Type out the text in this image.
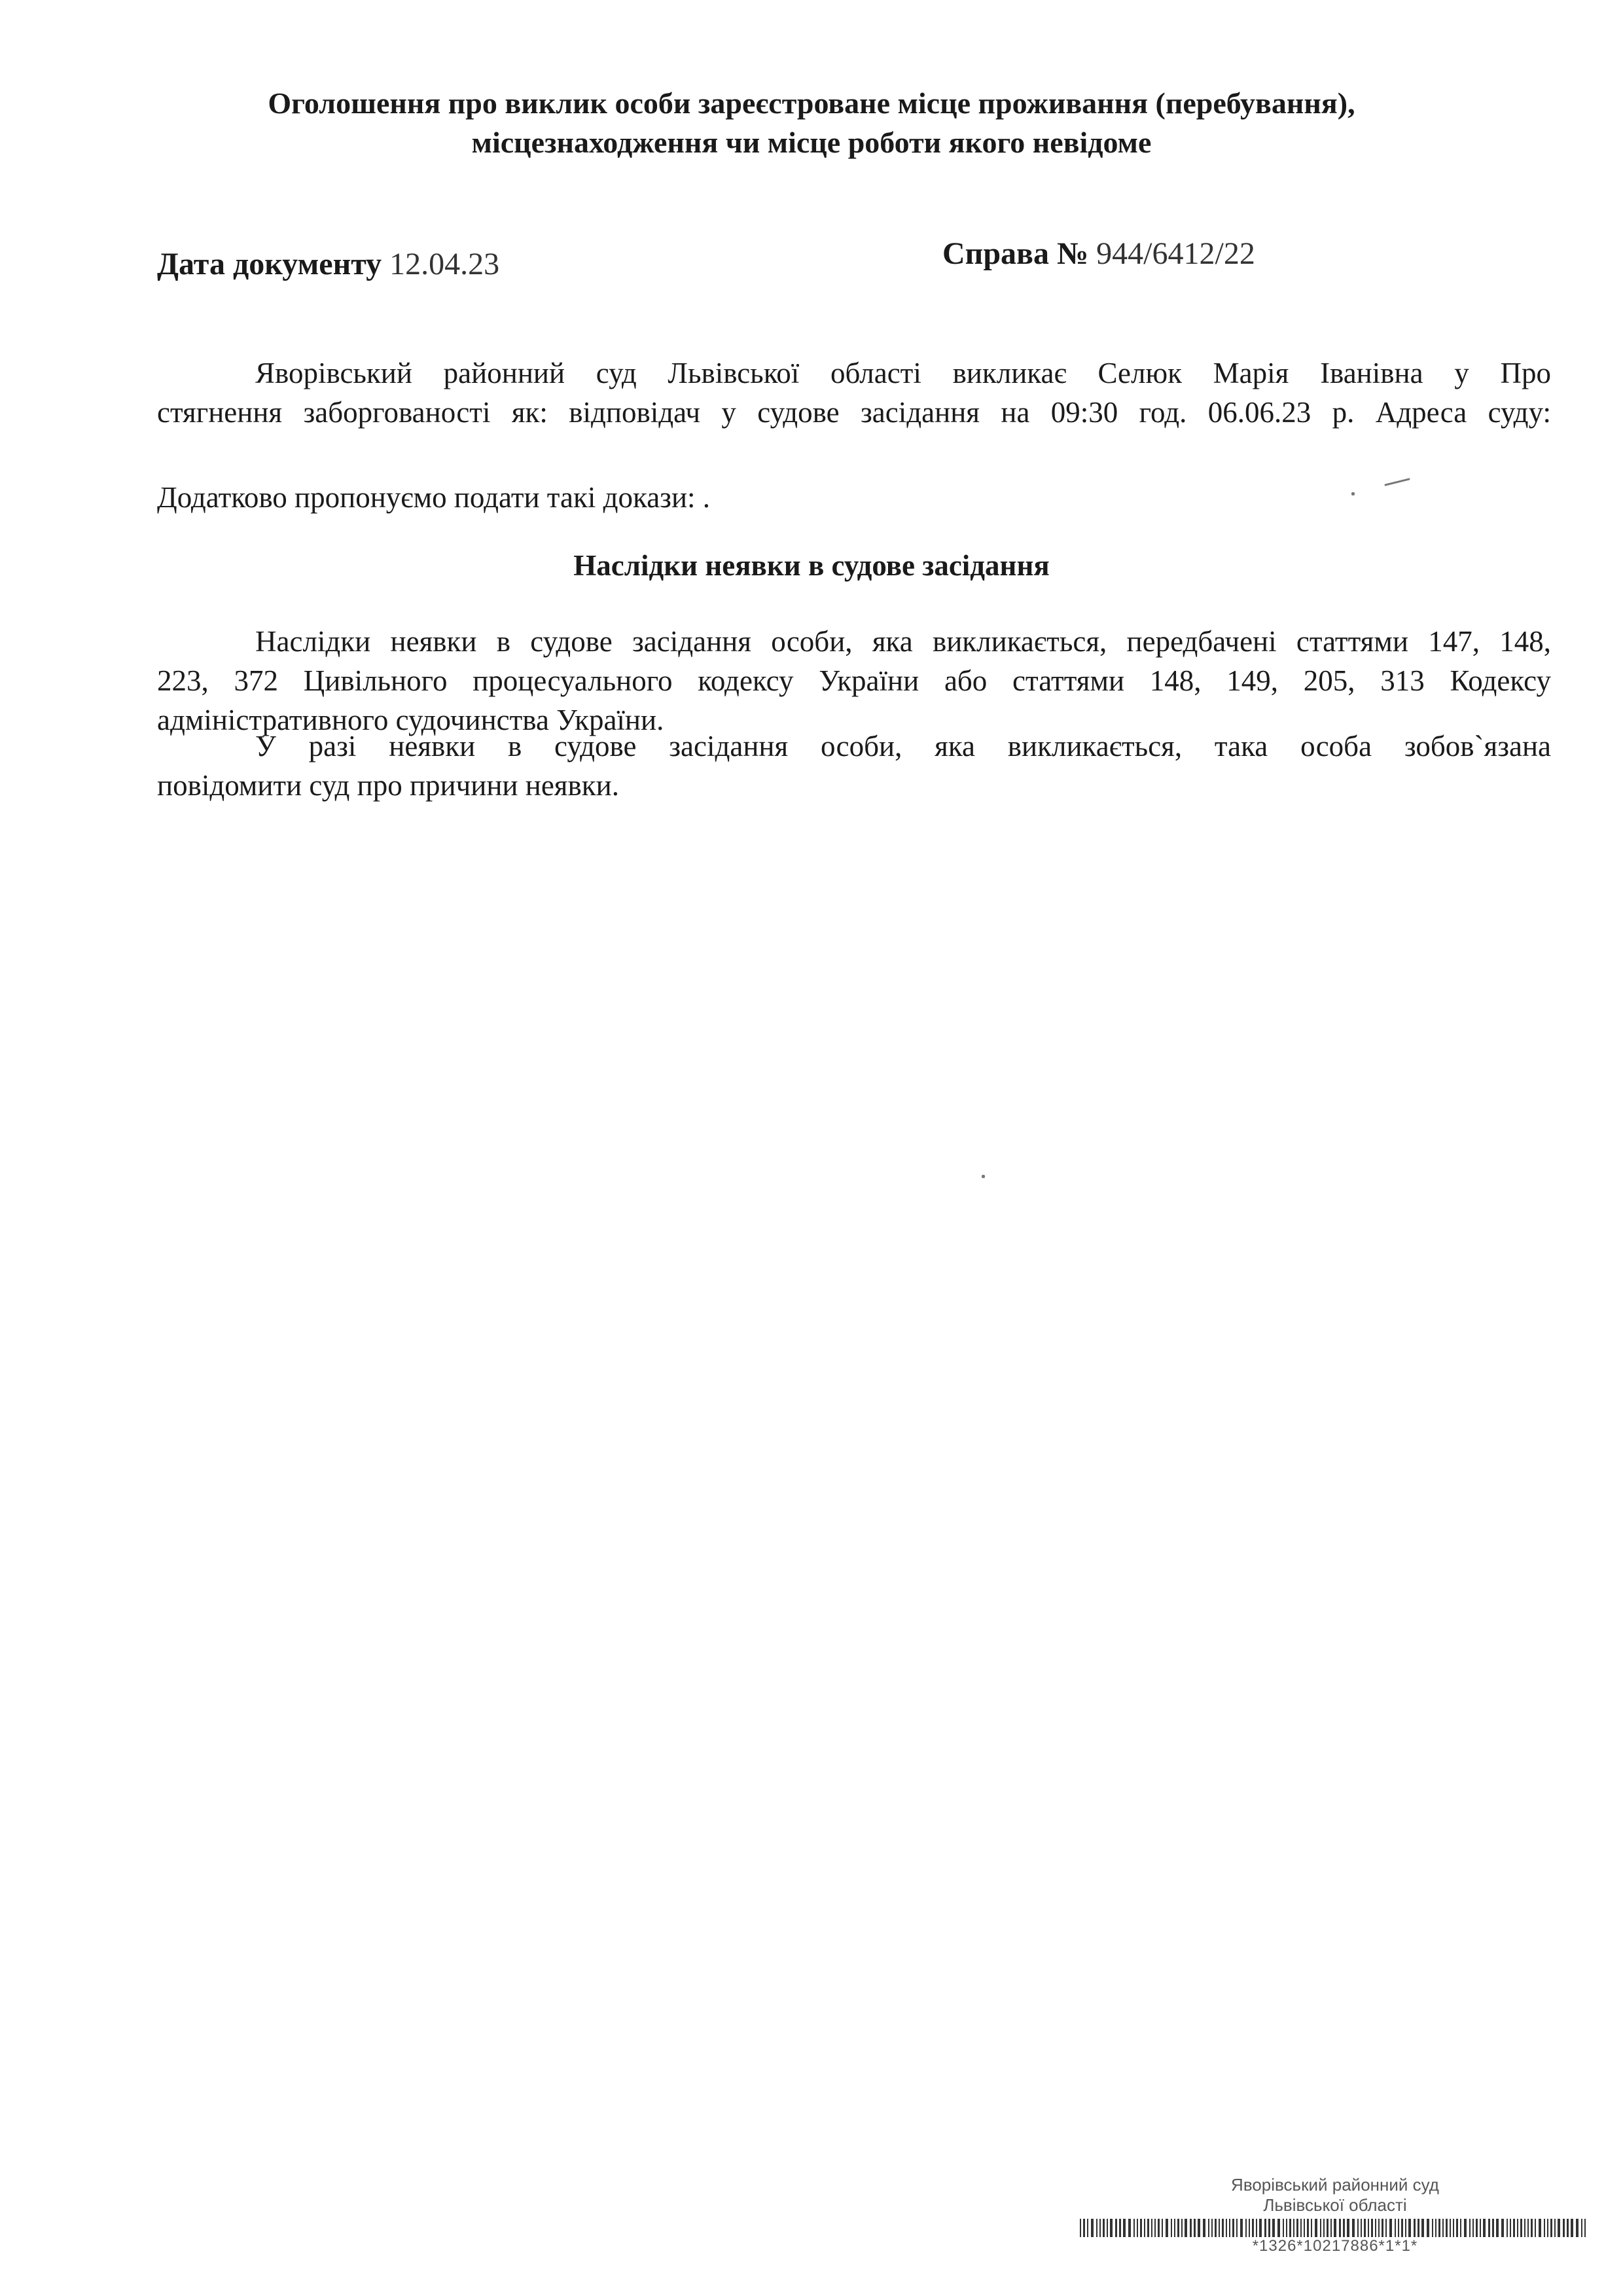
Оголошення про виклик особи зареєстроване місце проживання (перебування),
місцезнаходження чи місце роботи якого невідоме
Дата документу 12.04.23	Справа № 944/6412/22
Яворівський районний суд Львівської області викликає Селюк Марія Іванівна у Про
стягнення заборгованості як: відповідач у судове засідання на 09:30 год. 06.06.23 р. Адреса суду:
Додатково пропонуємо подати такі докази: .
Наслідки неявки в судове засідання
Наслідки неявки в судове засідання особи, яка викликається, передбачені статтями 147, 148,
223, 372 Цивільного процесуального кодексу України або статтями 148, 149, 205, 313 Кодексу
адміністративного судочинства України.
У разі неявки в судове засідання особи, яка викликається, така особа зобов`язана
повідомити суд про причини неявки.
Яворівський районний суд
Львівської області
*1326*10217886*1*1*
